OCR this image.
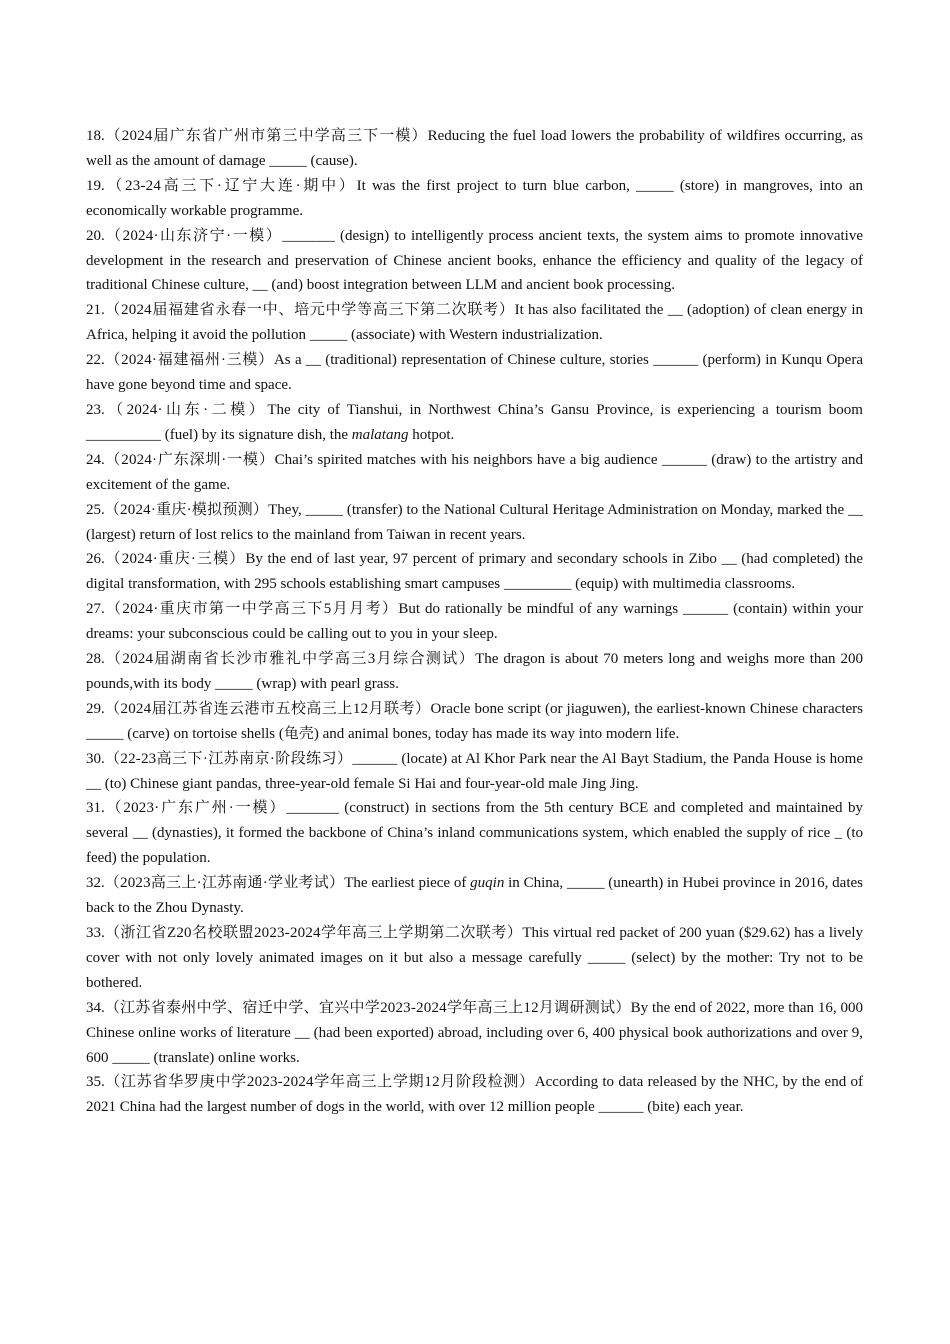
18.（2024届广东省广州市第三中学高三下一模）Reducing the fuel load lowers the probability of wildfires occurring, as well as the amount of damage _____ (cause).

19.（23-24高三下·辽宁大连·期中）It was the first project to turn blue carbon, _____ (store) in mangroves, into an economically workable programme.

20.（2024·山东济宁·一模）_______ (design) to intelligently process ancient texts, the system aims to promote innovative development in the research and preservation of Chinese ancient books, enhance the efficiency and quality of the legacy of traditional Chinese culture, __ (and) boost integration between LLM and ancient book processing.

21.（2024届福建省永春一中、培元中学等高三下第二次联考）It has also facilitated the __ (adoption) of clean energy in Africa, helping it avoid the pollution _____ (associate) with Western industrialization.

22.（2024·福建福州·三模）As a __ (traditional) representation of Chinese culture, stories ______ (perform) in Kunqu Opera have gone beyond time and space.

23.（2024·山东·二模）The city of Tianshui, in Northwest China’s Gansu Province, is experiencing a tourism boom __________ (fuel) by its signature dish, the malatang hotpot.

24.（2024·广东深圳·一模）Chai’s spirited matches with his neighbors have a big audience ______ (draw) to the artistry and excitement of the game.

25.（2024·重庆·模拟预测）They, _____ (transfer) to the National Cultural Heritage Administration on Monday, marked the __ (largest) return of lost relics to the mainland from Taiwan in recent years.

26.（2024·重庆·三模）By the end of last year, 97 percent of primary and secondary schools in Zibo __ (had completed) the digital transformation, with 295 schools establishing smart campuses _________ (equip) with multimedia classrooms.

27.（2024·重庆市第一中学高三下5月月考）But do rationally be mindful of any warnings ______ (contain) within your dreams: your subconscious could be calling out to you in your sleep.

28.（2024届湖南省长沙市雅礼中学高三3月综合测试）The dragon is about 70 meters long and weighs more than 200 pounds,with its body _____ (wrap) with pearl grass.

29.（2024届江苏省连云港市五校高三上12月联考）Oracle bone script (or jiaguwen), the earliest-known Chinese characters _____ (carve) on tortoise shells (龟壳) and animal bones, today has made its way into modern life.

30.（22-23高三下·江苏南京·阶段练习）______ (locate) at Al Khor Park near the Al Bayt Stadium, the Panda House is home __ (to) Chinese giant pandas, three-year-old female Si Hai and four-year-old male Jing Jing.

31.（2023·广东广州·一模）_______ (construct) in sections from the 5th century BCE and completed and maintained by several __ (dynasties), it formed the backbone of China’s inland communications system, which enabled the supply of rice _ (to feed) the population.

32.（2023高三上·江苏南通·学业考试）The earliest piece of guqin in China, _____ (unearth) in Hubei province in 2016, dates back to the Zhou Dynasty.

33.（浙江省Z20名校联盟2023-2024学年高三上学期第二次联考）This virtual red packet of 200 yuan ($29.62) has a lively cover with not only lovely animated images on it but also a message carefully _____ (select) by the mother: Try not to be bothered.

34.（江苏省泰州中学、宿迁中学、宜兴中学2023-2024学年高三上12月调研测试）By the end of 2022, more than 16, 000 Chinese online works of literature __ (had been exported) abroad, including over 6, 400 physical book authorizations and over 9, 600 _____ (translate) online works.

35.（江苏省华罗庚中学2023-2024学年高三上学期12月阶段检测）According to data released by the NHC, by the end of 2021 China had the largest number of dogs in the world, with over 12 million people ______ (bite) each year.
